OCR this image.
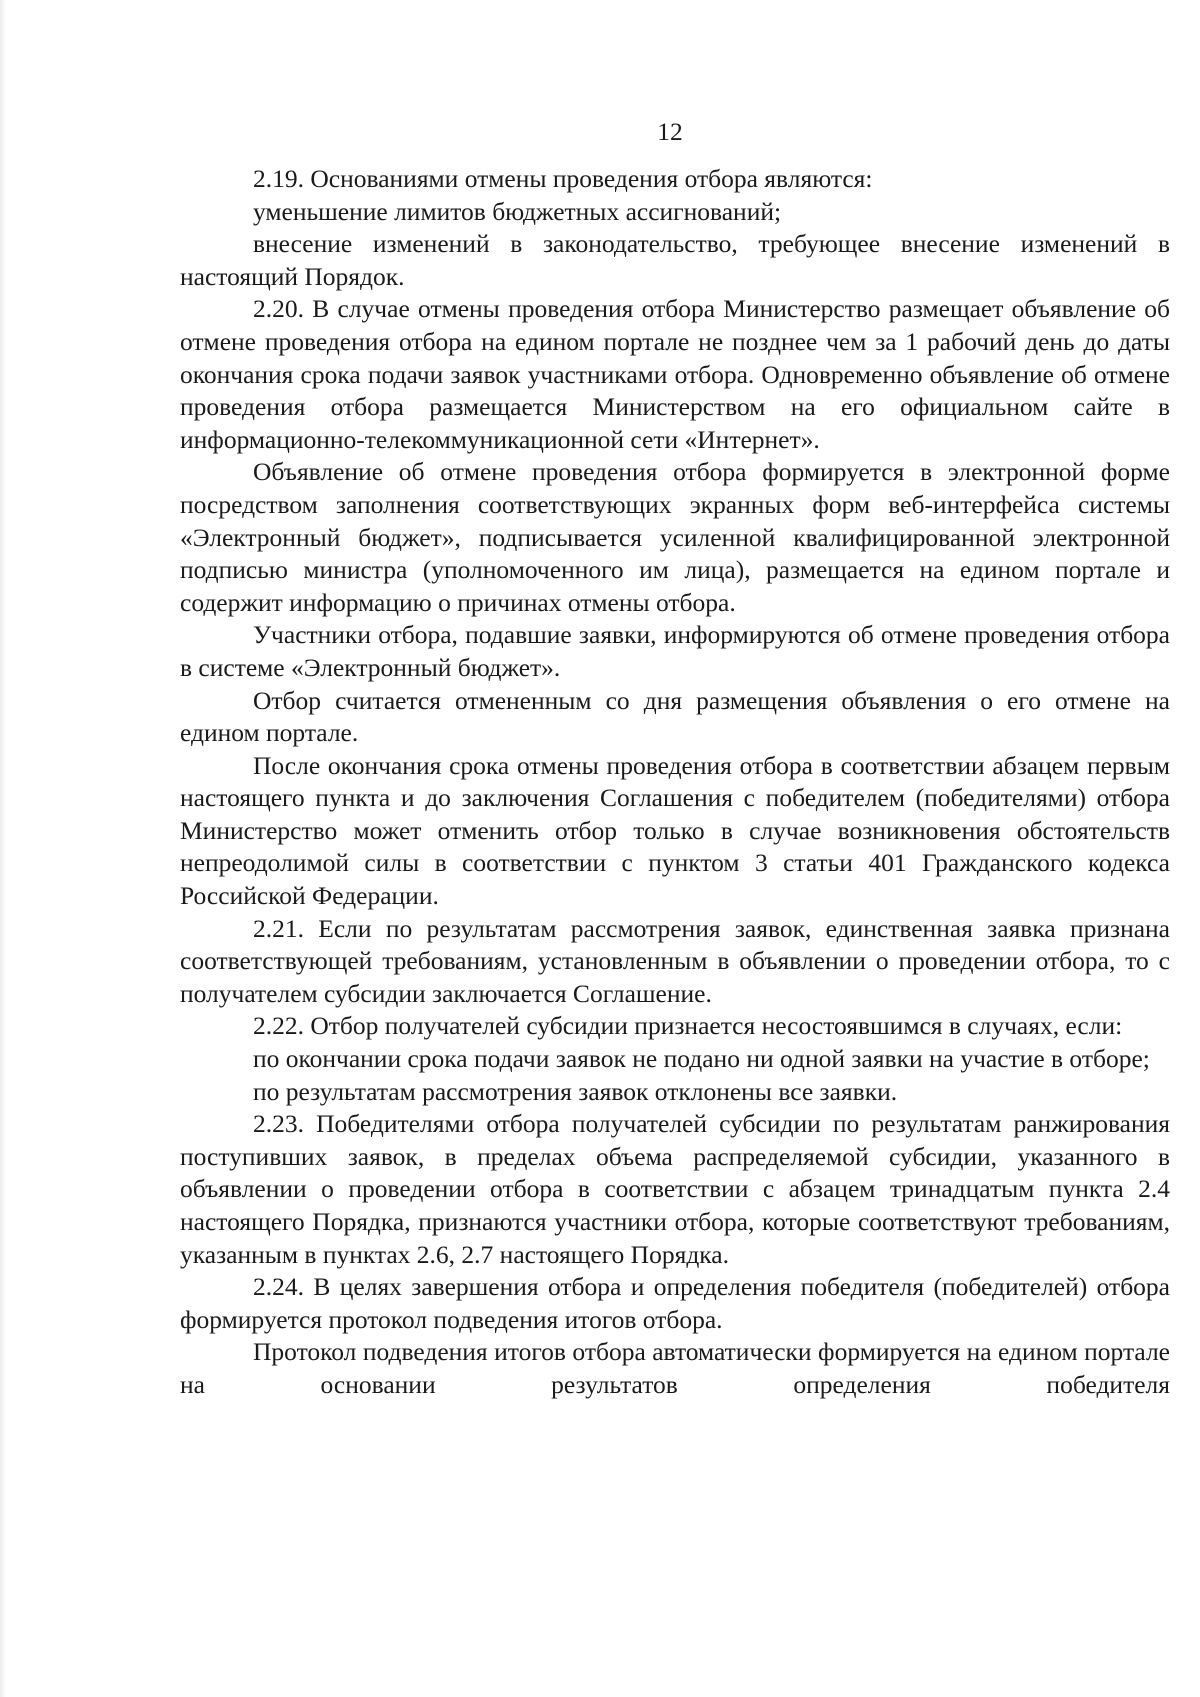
12

2.19. Основаниями отмены проведения отбора являются:

уменьшение лимитов бюджетных ассигнований;

внесение изменений в законодательство, требующее внесение изменений в настоящий Порядок.

2.20. В случае отмены проведения отбора Министерство размещает объявление об отмене проведения отбора на едином портале не позднее чем за 1 рабочий день до даты окончания срока подачи заявок участниками отбора. Одновременно объявление об отмене проведения отбора размещается Министерством на его официальном сайте в информационно-телекоммуникационной сети «Интернет».

Объявление об отмене проведения отбора формируется в электронной форме посредством заполнения соответствующих экранных форм веб-интерфейса системы «Электронный бюджет», подписывается усиленной квалифицированной электронной подписью министра (уполномоченного им лица), размещается на едином портале и содержит информацию о причинах отмены отбора.

Участники отбора, подавшие заявки, информируются об отмене проведения отбора в системе «Электронный бюджет».

Отбор считается отмененным со дня размещения объявления о его отмене на едином портале.

После окончания срока отмены проведения отбора в соответствии абзацем первым настоящего пункта и до заключения Соглашения с победителем (победителями) отбора Министерство может отменить отбор только в случае возникновения обстоятельств непреодолимой силы в соответствии с пунктом 3 статьи 401 Гражданского кодекса Российской Федерации.

2.21. Если по результатам рассмотрения заявок, единственная заявка признана соответствующей требованиям, установленным в объявлении о проведении отбора, то с получателем субсидии заключается Соглашение.

2.22. Отбор получателей субсидии признается несостоявшимся в случаях, если:

по окончании срока подачи заявок не подано ни одной заявки на участие в отборе;

по результатам рассмотрения заявок отклонены все заявки.

2.23. Победителями отбора получателей субсидии по результатам ранжирования поступивших заявок, в пределах объема распределяемой субсидии, указанного в объявлении о проведении отбора в соответствии с абзацем тринадцатым пункта 2.4 настоящего Порядка, признаются участники отбора, которые соответствуют требованиям, указанным в пунктах 2.6, 2.7 настоящего Порядка.

2.24. В целях завершения отбора и определения победителя (победителей) отбора формируется протокол подведения итогов отбора.

Протокол подведения итогов отбора автоматически формируется на едином портале на основании результатов определения победителя
